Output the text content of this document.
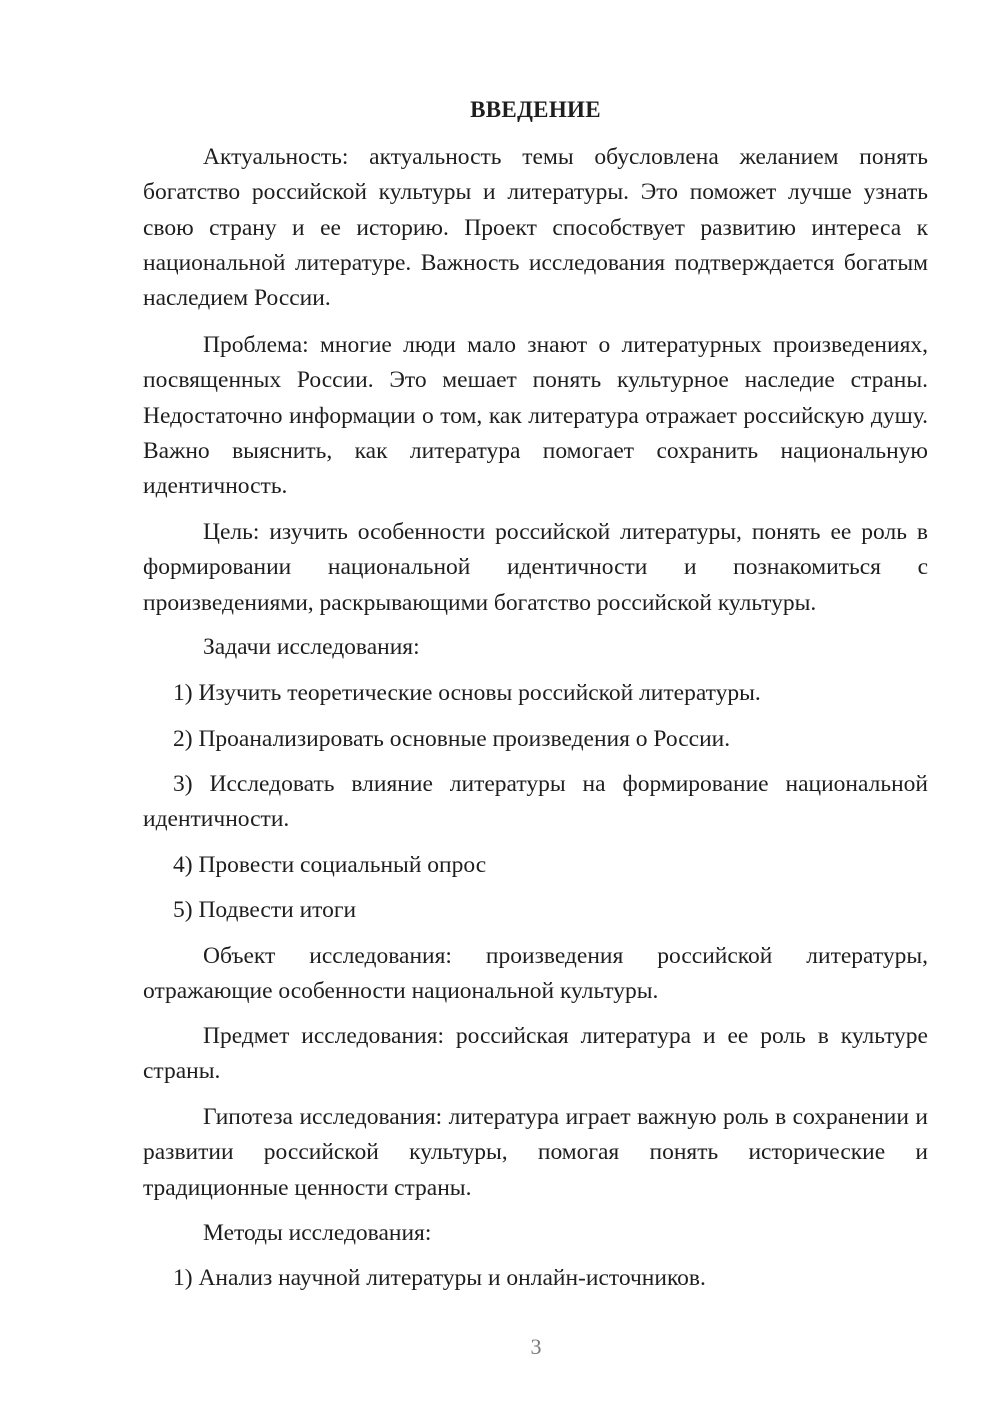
ВВЕДЕНИЕ

Актуальность: актуальность темы обусловлена желанием понять богатство российской культуры и литературы. Это поможет лучше узнать свою страну и ее историю. Проект способствует развитию интереса к национальной литературе. Важность исследования подтверждается богатым наследием России.

Проблема: многие люди мало знают о литературных произведениях, посвященных России. Это мешает понять культурное наследие страны. Недостаточно информации о том, как литература отражает российскую душу. Важно выяснить, как литература помогает сохранить национальную идентичность.

Цель: изучить особенности российской литературы, понять ее роль в формировании национальной идентичности и познакомиться с произведениями, раскрывающими богатство российской культуры.

Задачи исследования:

1) Изучить теоретические основы российской литературы.

2) Проанализировать основные произведения о России.

3) Исследовать влияние литературы на формирование национальной идентичности.

4) Провести социальный опрос

5) Подвести итоги

Объект исследования: произведения российской литературы, отражающие особенности национальной культуры.

Предмет исследования: российская литература и ее роль в культуре страны.

Гипотеза исследования: литература играет важную роль в сохранении и развитии российской культуры, помогая понять исторические и традиционные ценности страны.

Методы исследования:

1) Анализ научной литературы и онлайн-источников.

3
